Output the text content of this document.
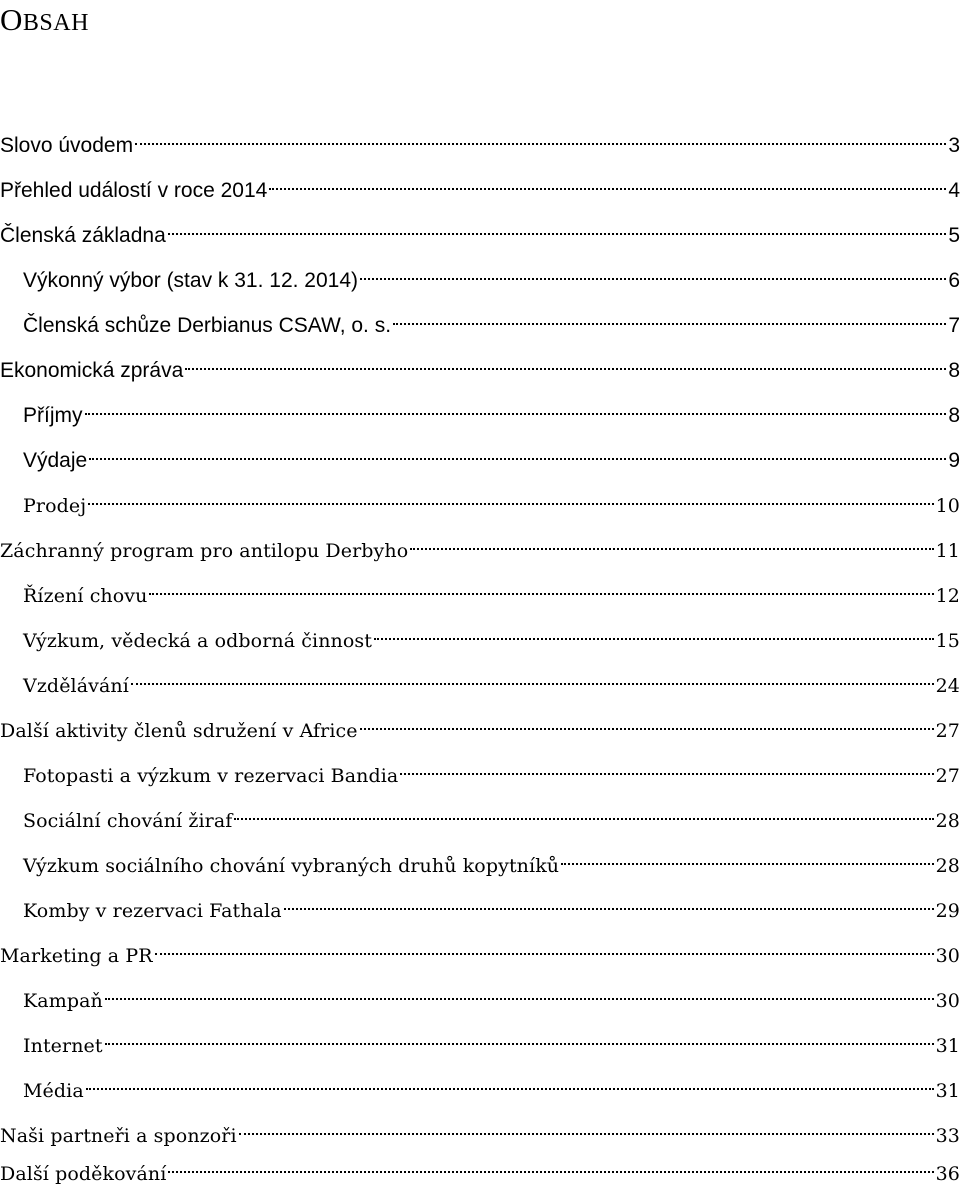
OBSAH
Slovo úvodem	3
Přehled událostí v roce 2014	4
Členská základna	5
Výkonný výbor (stav k 31. 12. 2014)	6
Členská schůze Derbianus CSAW, o. s.	7
Ekonomická zpráva	8
Příjmy	8
Výdaje	9
Prodej	10
Záchranný program pro antilopu Derbyho	11
Řízení chovu	12
Výzkum, vědecká a odborná činnost	15
Vzdělávání	24
Další aktivity členů sdružení v Africe	27
Fotopasti a výzkum v rezervaci Bandia	27
Sociální chování žiraf	28
Výzkum sociálního chování vybraných druhů kopytníků	28
Komby v rezervaci Fathala	29
Marketing a PR	30
Kampaň	30
Internet	31
Média	31
Naši partneři a sponzoři	33
Další poděkování	36
